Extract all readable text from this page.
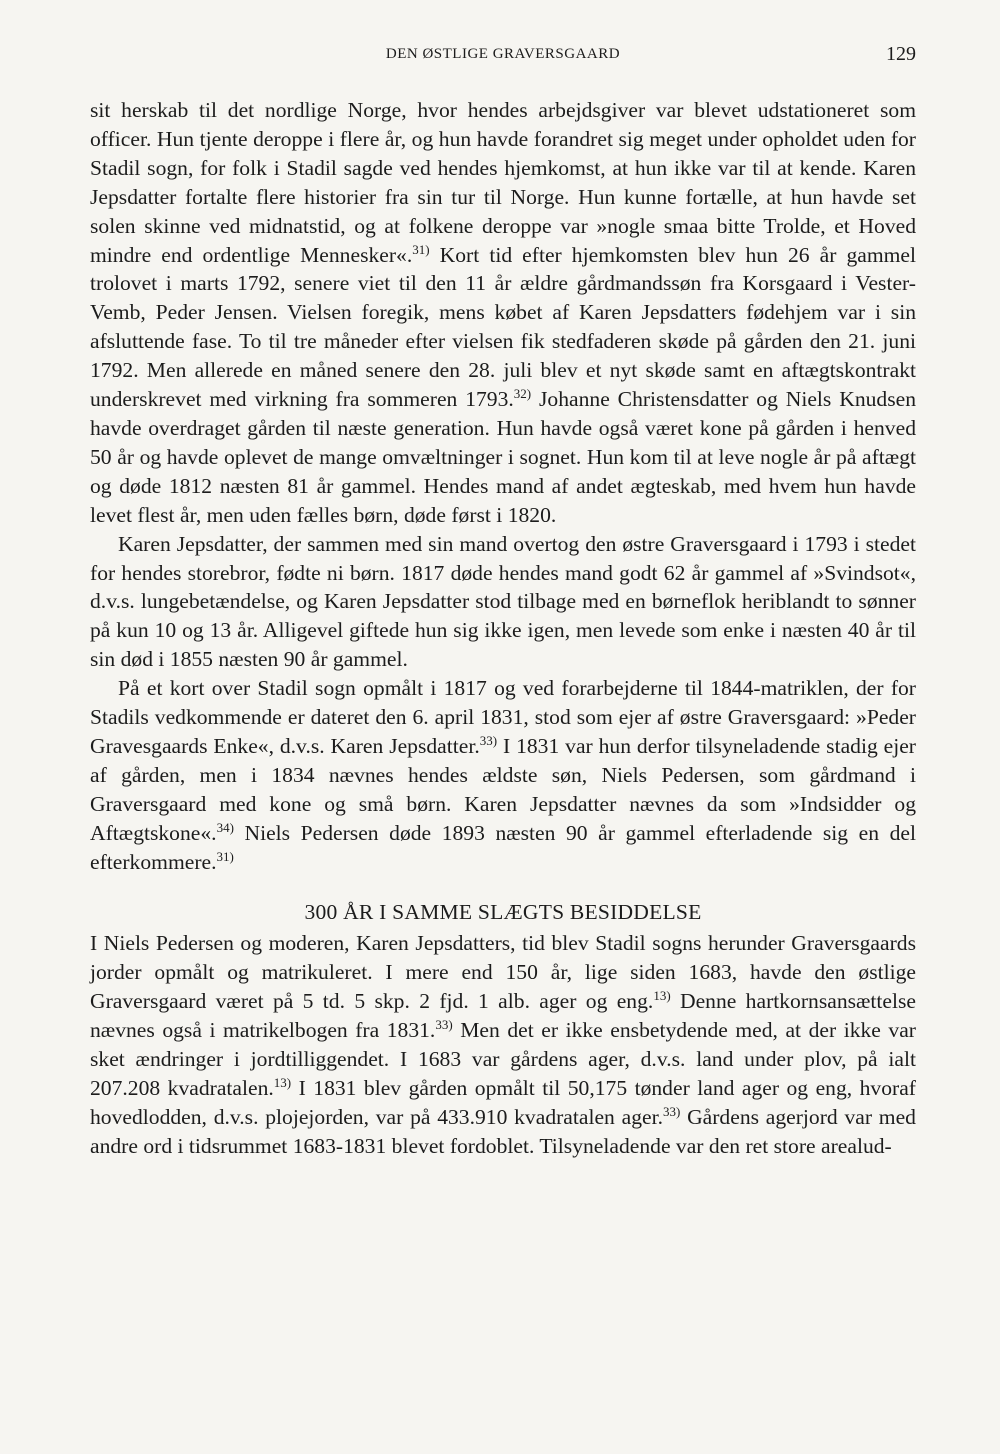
DEN ØSTLIGE GRAVERSGAARD	129

sit herskab til det nordlige Norge, hvor hendes arbejdsgiver var blevet udstationeret som officer. Hun tjente deroppe i flere år, og hun havde forandret sig meget under opholdet uden for Stadil sogn, for folk i Stadil sagde ved hendes hjemkomst, at hun ikke var til at kende. Karen Jepsdatter fortalte flere historier fra sin tur til Norge. Hun kunne fortælle, at hun havde set solen skinne ved midnatstid, og at folkene deroppe var »nogle smaa bitte Trolde, et Hoved mindre end ordentlige Mennesker«.$^{31)}$ Kort tid efter hjemkomsten blev hun 26 år gammel trolovet i marts 1792, senere viet til den 11 år ældre gårdmandssøn fra Korsgaard i Vester-Vemb, Peder Jensen. Vielsen foregik, mens købet af Karen Jepsdatters fødehjem var i sin afsluttende fase. To til tre måneder efter vielsen fik stedfaderen skøde på gården den 21. juni 1792. Men allerede en måned senere den 28. juli blev et nyt skøde samt en aftægtskontrakt underskrevet med virkning fra sommeren 1793.$^{32)}$ Johanne Christensdatter og Niels Knudsen havde overdraget gården til næste generation. Hun havde også været kone på gården i henved 50 år og havde oplevet de mange omvæltninger i sognet. Hun kom til at leve nogle år på aftægt og døde 1812 næsten 81 år gammel. Hendes mand af andet ægteskab, med hvem hun havde levet flest år, men uden fælles børn, døde først i 1820.

Karen Jepsdatter, der sammen med sin mand overtog den østre Graversgaard i 1793 i stedet for hendes storebror, fødte ni børn. 1817 døde hendes mand godt 62 år gammel af »Svindsot«, d.v.s. lungebetændelse, og Karen Jepsdatter stod tilbage med en børneflok heriblandt to sønner på kun 10 og 13 år. Alligevel giftede hun sig ikke igen, men levede som enke i næsten 40 år til sin død i 1855 næsten 90 år gammel.

På et kort over Stadil sogn opmålt i 1817 og ved forarbejderne til 1844-matriklen, der for Stadils vedkommende er dateret den 6. april 1831, stod som ejer af østre Graversgaard: »Peder Gravesgaards Enke«, d.v.s. Karen Jepsdatter.$^{33)}$ I 1831 var hun derfor tilsyneladende stadig ejer af gården, men i 1834 nævnes hendes ældste søn, Niels Pedersen, som gårdmand i Graversgaard med kone og små børn. Karen Jepsdatter nævnes da som »Indsidder og Aftægtskone«.$^{34)}$ Niels Pedersen døde 1893 næsten 90 år gammel efterladende sig en del efterkommere.$^{31)}$

300 ÅR I SAMME SLÆGTS BESIDDELSE

I Niels Pedersen og moderen, Karen Jepsdatters, tid blev Stadil sogns herunder Graversgaards jorder opmålt og matrikuleret. I mere end 150 år, lige siden 1683, havde den østlige Graversgaard været på 5 td. 5 skp. 2 fjd. 1 alb. ager og eng.$^{13)}$ Denne hartkornsansættelse nævnes også i matrikelbogen fra 1831.$^{33)}$ Men det er ikke ensbetydende med, at der ikke var sket ændringer i jordtilliggendet. I 1683 var gårdens ager, d.v.s. land under plov, på ialt 207.208 kvadratalen.$^{13)}$ I 1831 blev gården opmålt til 50,175 tønder land ager og eng, hvoraf hovedlodden, d.v.s. plojejorden, var på 433.910 kvadratalen ager.$^{33)}$ Gårdens agerjord var med andre ord i tidsrummet 1683-1831 blevet fordoblet. Tilsyneladende var den ret store arealud-
